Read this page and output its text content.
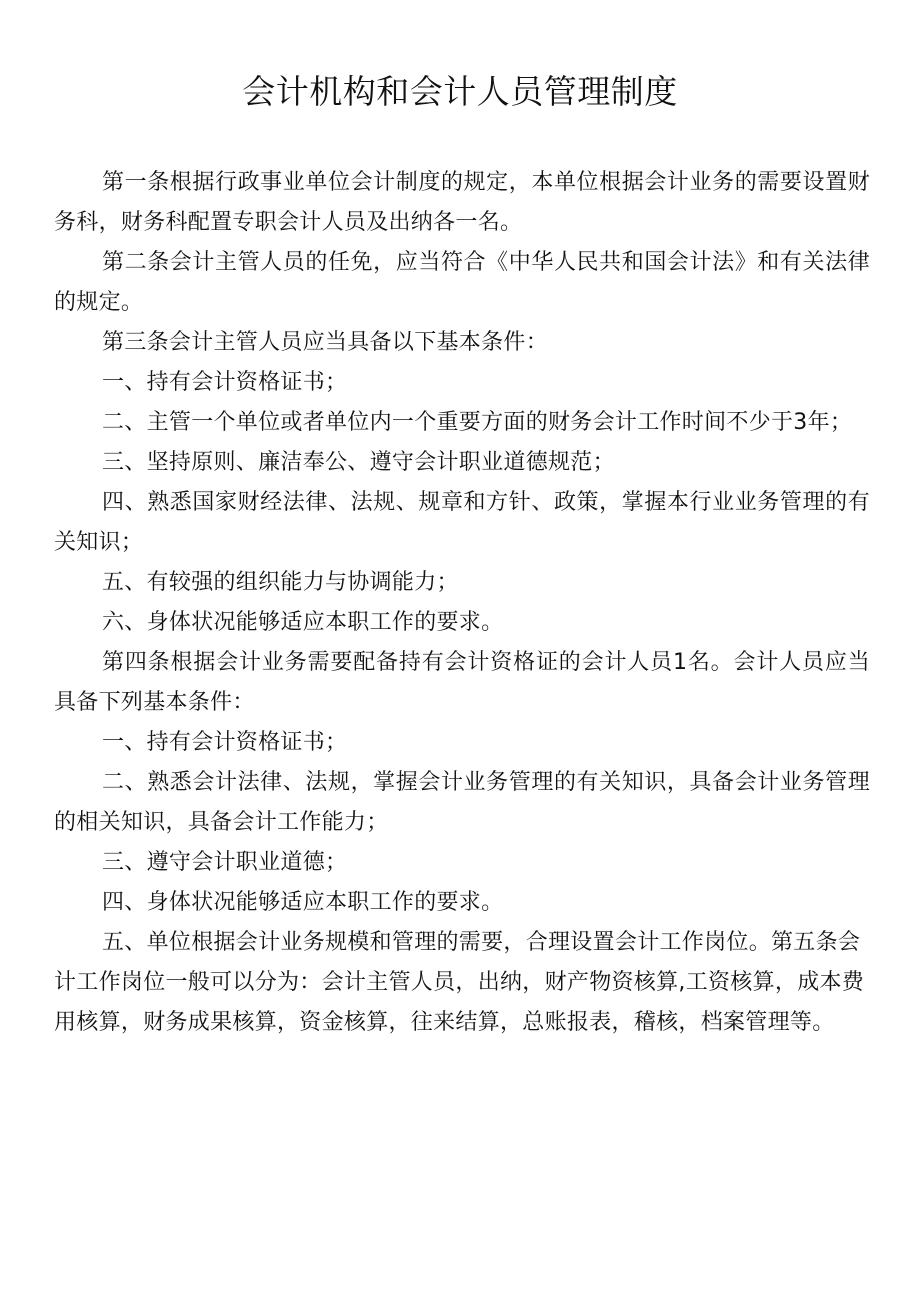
会计机构和会计人员管理制度

第一条根据行政事业单位会计制度的规定，本单位根据会计业务的需要设置财务科，财务科配置专职会计人员及出纳各一名。

第二条会计主管人员的任免，应当符合《中华人民共和国会计法》和有关法律的规定。

第三条会计主管人员应当具备以下基本条件：

一、持有会计资格证书；

二、主管一个单位或者单位内一个重要方面的财务会计工作时间不少于3年；

三、坚持原则、廉洁奉公、遵守会计职业道德规范；

四、熟悉国家财经法律、法规、规章和方针、政策，掌握本行业业务管理的有关知识；

五、有较强的组织能力与协调能力；

六、身体状况能够适应本职工作的要求。

第四条根据会计业务需要配备持有会计资格证的会计人员1名。会计人员应当具备下列基本条件：

一、持有会计资格证书；

二、熟悉会计法律、法规，掌握会计业务管理的有关知识，具备会计业务管理的相关知识，具备会计工作能力；

三、遵守会计职业道德；

四、身体状况能够适应本职工作的要求。

五、单位根据会计业务规模和管理的需要，合理设置会计工作岗位。第五条会计工作岗位一般可以分为：会计主管人员，出纳，财产物资核算,工资核算，成本费用核算，财务成果核算，资金核算，往来结算，总账报表，稽核，档案管理等。
